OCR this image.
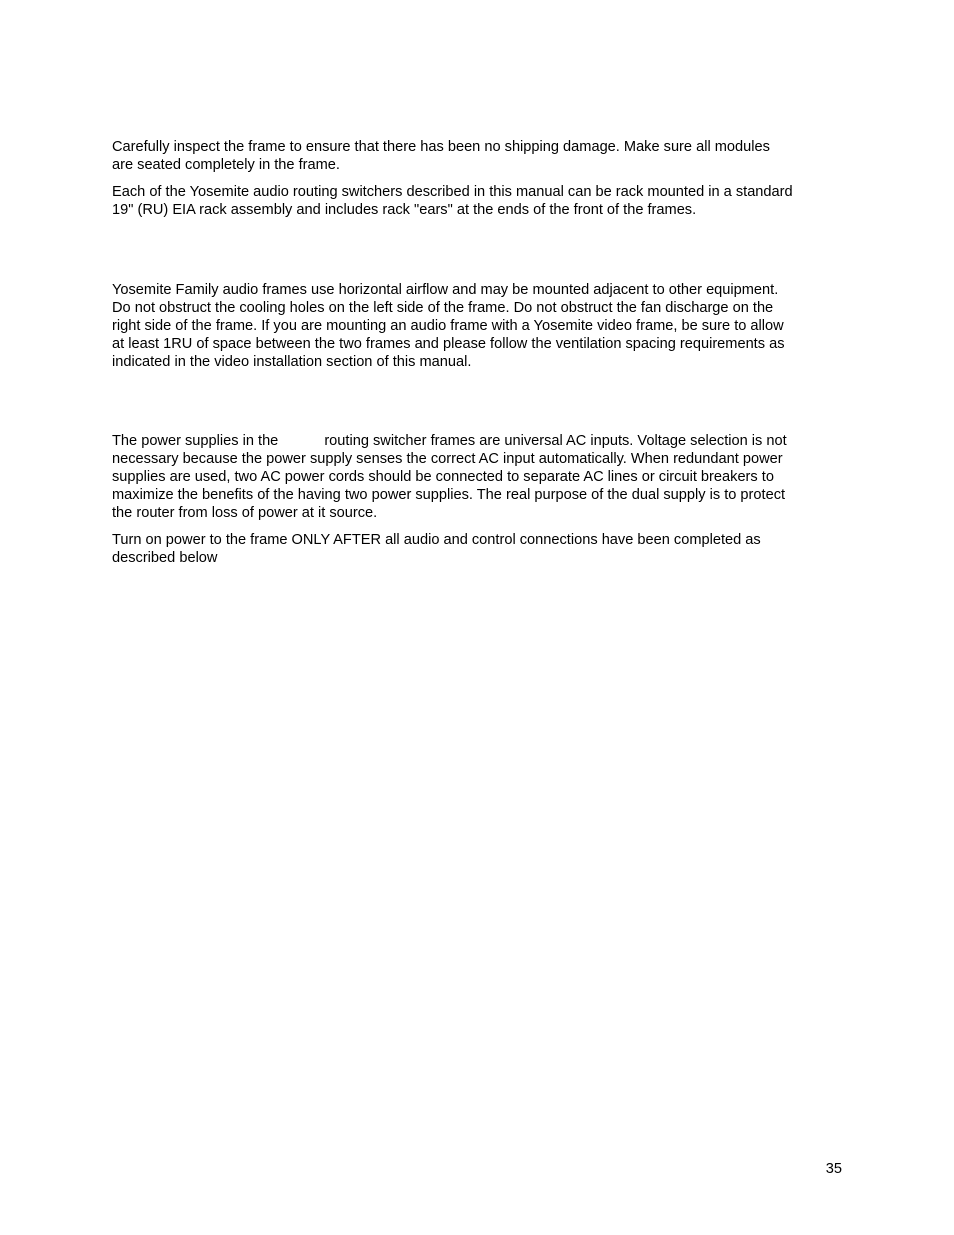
Carefully inspect the frame to ensure that there has been no shipping damage. Make sure all modules
are seated completely in the frame.

Each of the Yosemite audio routing switchers described in this manual can be rack mounted in a standard
19" (RU) EIA rack assembly and includes rack "ears" at the ends of the front of the frames.

Yosemite Family audio frames use horizontal airflow and may be mounted adjacent to other equipment.
Do not obstruct the cooling holes on the left side of the frame. Do not obstruct the fan discharge on the
right side of the frame. If you are mounting an audio frame with a Yosemite video frame, be sure to allow
at least 1RU of space between the two frames and please follow the ventilation spacing requirements as
indicated in the video installation section of this manual.

The power supplies in the	routing switcher frames are universal AC inputs. Voltage selection is not
necessary because the power supply senses the correct AC input automatically. When redundant power
supplies are used, two AC power cords should be connected to separate AC lines or circuit breakers to
maximize the benefits of the having two power supplies. The real purpose of the dual supply is to protect
the router from loss of power at it source.

Turn on power to the frame ONLY AFTER all audio and control connections have been completed as
described below

35
